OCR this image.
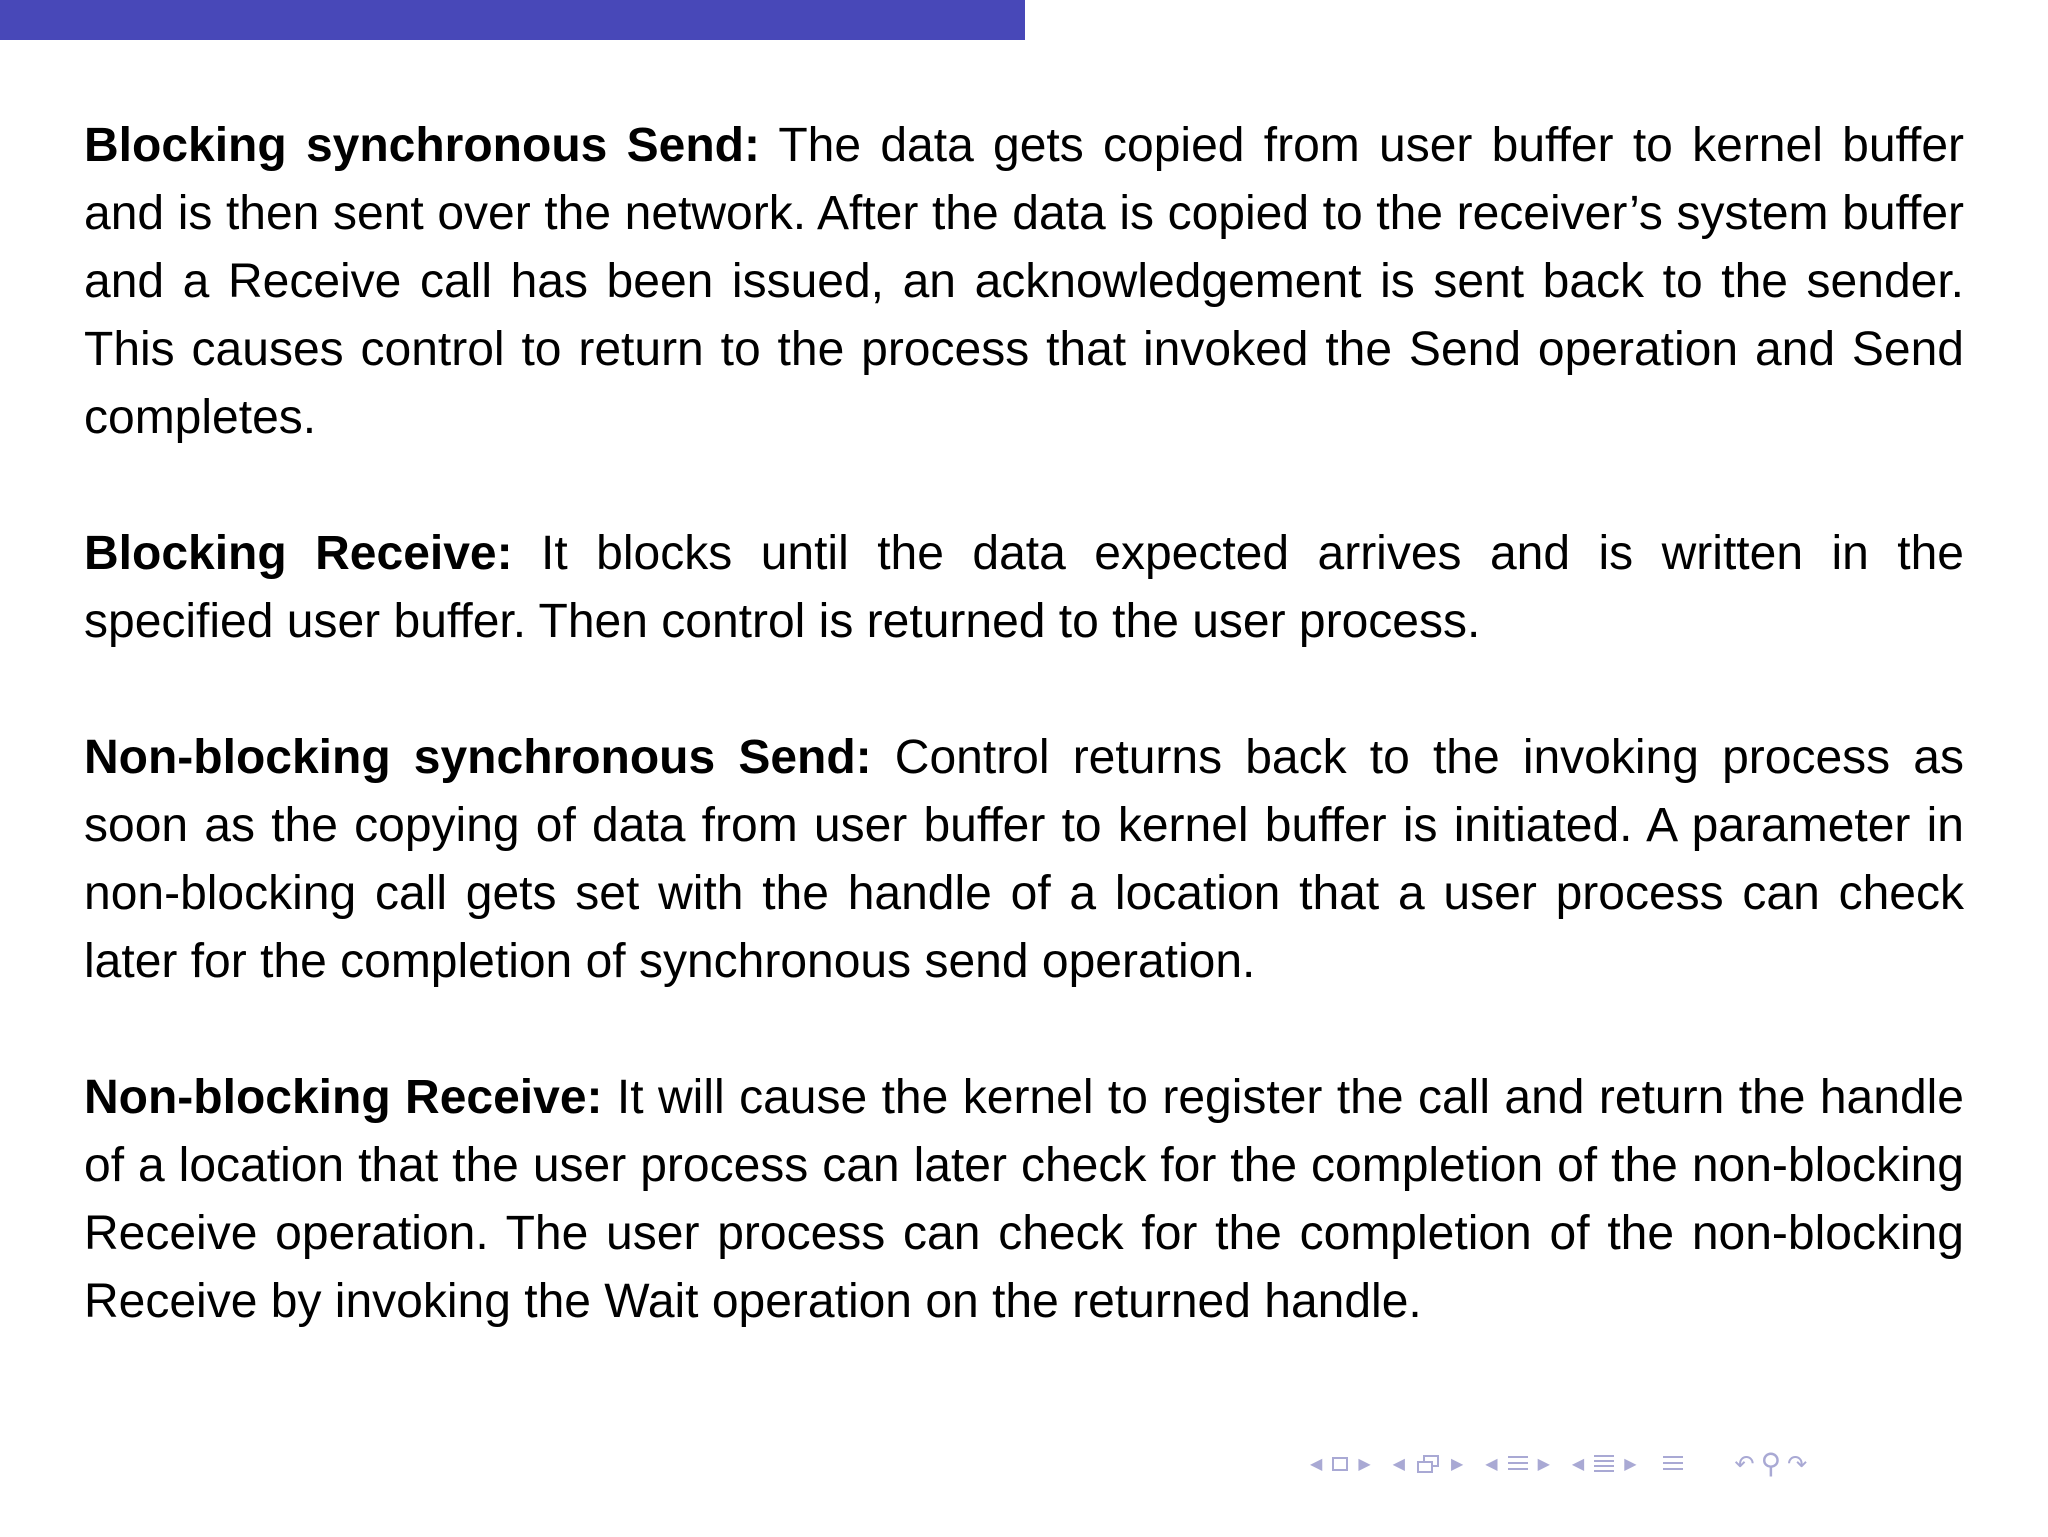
Blocking synchronous Send: The data gets copied from user buffer to kernel buffer and is then sent over the network. After the data is copied to the receiver’s system buffer and a Receive call has been issued, an acknowledgement is sent back to the sender. This causes control to return to the process that invoked the Send operation and Send completes.

Blocking Receive: It blocks until the data expected arrives and is written in the specified user buffer. Then control is returned to the user process.

Non-blocking synchronous Send: Control returns back to the invoking process as soon as the copying of data from user buffer to kernel buffer is initiated. A parameter in non-blocking call gets set with the handle of a location that a user process can check later for the completion of synchronous send operation.

Non-blocking Receive: It will cause the kernel to register the call and return the handle of a location that the user process can later check for the completion of the non-blocking Receive operation. The user process can check for the completion of the non-blocking Receive by invoking the Wait operation on the returned handle.

◀ ▶ ◀	▶ ◀	▶ ◀	▶	↶ ⚲ ↷
